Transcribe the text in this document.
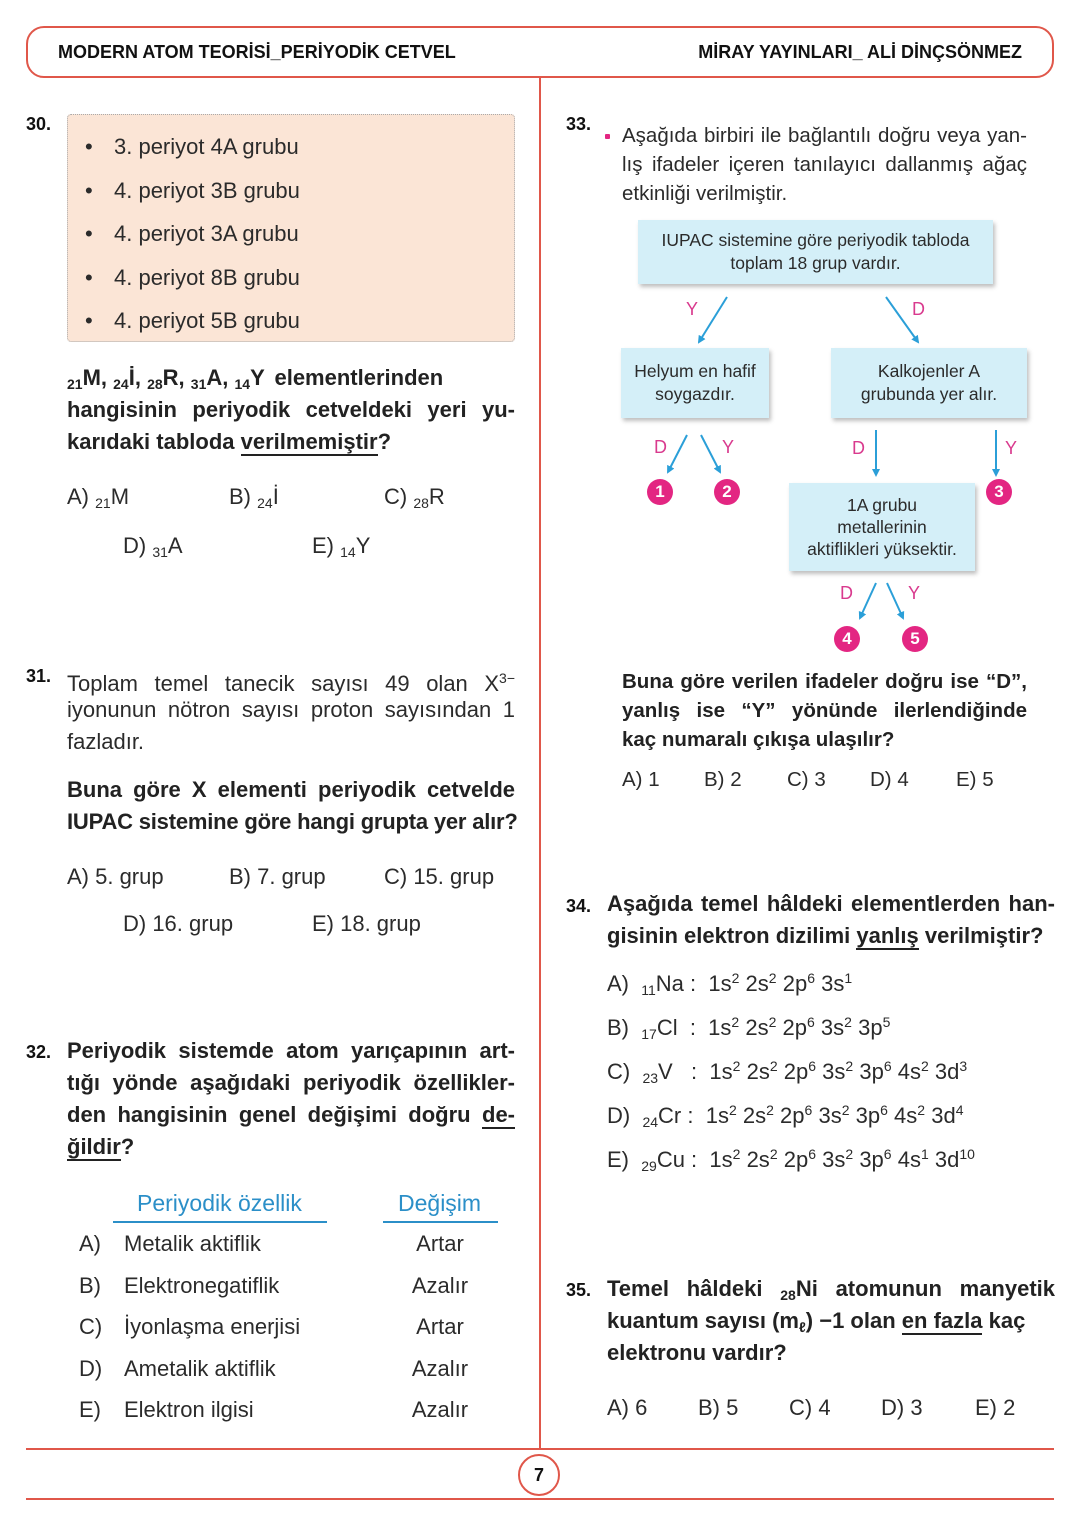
MODERN ATOM TEORİSİ_PERİYODİK CETVEL	MİRAY YAYINLARI_ ALİ DİNÇSÖNMEZ
30.
• 3. periyot 4A grubu
• 4. periyot 3B grubu
• 4. periyot 3A grubu
• 4. periyot 8B grubu
• 4. periyot 5B grubu
$_{21}$M, $_{24}$İ, $_{28}$R, $_{31}$A, $_{14}$Y elementlerinden
hangisinin periyodik cetveldeki yeri yu-
karıdaki tabloda verilmemiştir?
A) $_{21}$M	B) $_{24}$İ	C) $_{28}$R
D) $_{31}$A	E) $_{14}$Y
31. Toplam temel tanecik sayısı 49 olan $X^{3-}$
iyonunun nötron sayısı proton sayısından 1
fazladır.
Buna göre X elementi periyodik cetvelde
IUPAC sistemine göre hangi grupta yer alır?
A) 5. grup	B) 7. grup	C) 15. grup
D) 16. grup	E) 18. grup
32. Periyodik sistemde atom yarıçapının art-
tığı yönde aşağıdaki periyodik özellikler-
den hangisinin genel değişimi doğru de-
ğildir?
Periyodik özellik	Değişim
A) Metalik aktiflik	Artar
B) Elektronegatiflik	Azalır
C) İyonlaşma enerjisi	Artar
D) Ametalik aktiflik	Azalır
E) Elektron ilgisi	Azalır
33. Aşağıda birbiri ile bağlantılı doğru veya yan-
lış ifadeler içeren tanılayıcı dallanmış ağaç
etkinliği verilmiştir.
IUPAC sistemine göre periyodik tabloda
toplam 18 grup vardır.
Helyum en hafif
soygazdır.
Kalkojenler A
grubunda yer alır.
1A grubu
metallerinin
aktiflikleri yüksektir.
Y	D
D	Y	D	Y
D	Y
1	2	3
4	5
Buna göre verilen ifadeler doğru ise “D”,
yanlış ise “Y” yönünde ilerlendiğinde
kaç numaralı çıkışa ulaşılır?
A) 1 B) 2 C) 3 D) 4 E) 5
34. Aşağıda temel hâldeki elementlerden han-
gisinin elektron dizilimi yanlış verilmiştir?
A) $_{11}$Na :  $1s^2$ $2s^2$ $2p^6$ $3s^1$
B) $_{17}$Cl  :  $1s^2$ $2s^2$ $2p^6$ $3s^2$ $3p^5$
C) $_{23}$V   :  $1s^2$ $2s^2$ $2p^6$ $3s^2$ $3p^6$ $4s^2$ $3d^3$
D) $_{24}$Cr :  $1s^2$ $2s^2$ $2p^6$ $3s^2$ $3p^6$ $4s^2$ $3d^4$
E) $_{29}$Cu :  $1s^2$ $2s^2$ $2p^6$ $3s^2$ $3p^6$ $4s^1$ $3d^{10}$
35. Temel hâldeki $_{28}$Ni atomunun manyetik
kuantum sayısı $(m_\ell) -1$ olan en fazla kaç
elektronu vardır?
A) 6 B) 5 C) 4 D) 3 E) 2
7
